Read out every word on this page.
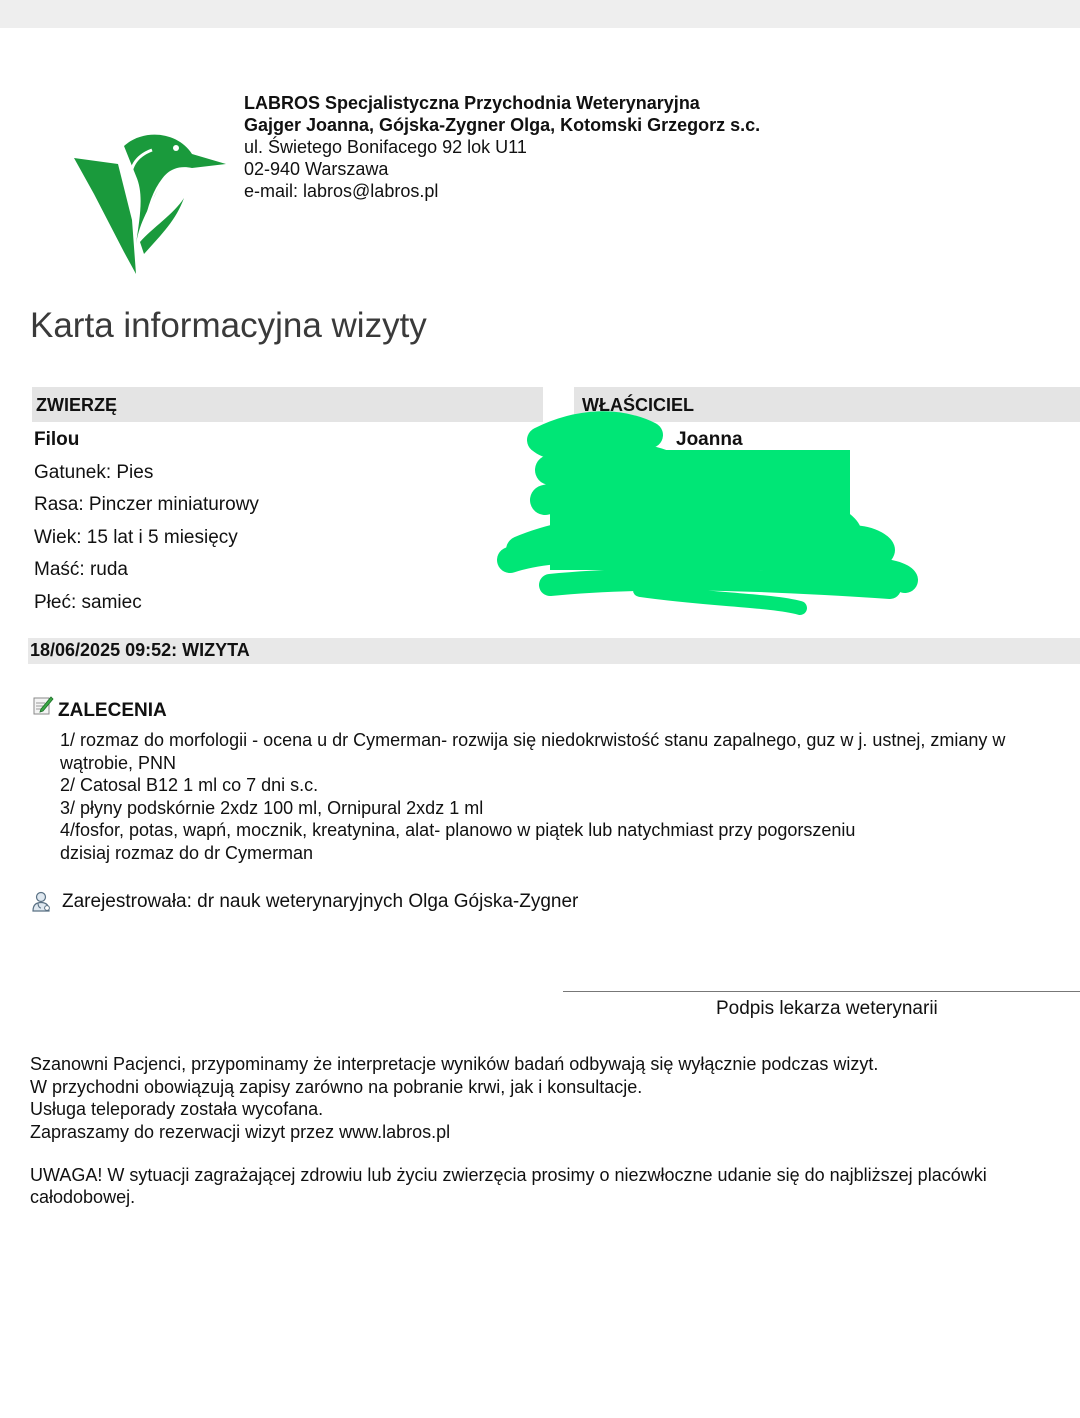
LABROS Specjalistyczna Przychodnia Weterynaryjna
Gajger Joanna, Gójska-Zygner Olga, Kotomski Grzegorz s.c.
ul. Świetego Bonifacego 92 lok U11
02-940 Warszawa
e-mail: labros@labros.pl
Karta informacyjna wizyty
ZWIERZĘ	WŁAŚCICIEL
Filou
Gatunek: Pies
Rasa: Pinczer miniaturowy
Wiek: 15 lat i 5 miesięcy
Maść: ruda
Płeć: samiec
Joanna
18/06/2025 09:52: WIZYTA
ZALECENIA
1/ rozmaz do morfologii - ocena u dr Cymerman- rozwija się niedokrwistość stanu zapalnego, guz w j. ustnej, zmiany w wątrobie, PNN
2/ Catosal B12 1 ml co 7 dni s.c.
3/ płyny podskórnie 2xdz 100 ml, Ornipural 2xdz 1 ml
4/fosfor, potas, wapń, mocznik, kreatynina, alat- planowo w piątek lub natychmiast przy pogorszeniu
dzisiaj rozmaz do dr Cymerman
Zarejestrowała: dr nauk weterynaryjnych Olga Gójska-Zygner
Podpis lekarza weterynarii

Szanowni Pacjenci, przypominamy że interpretacje wyników badań odbywają się wyłącznie podczas wizyt.

W przychodni obowiązują zapisy zarówno na pobranie krwi, jak i konsultacje.

Usługa teleporady została wycofana.

Zapraszamy do rezerwacji wizyt przez www.labros.pl

UWAGA! W sytuacji zagrażającej zdrowiu lub życiu zwierzęcia prosimy o niezwłoczne udanie się do najbliższej placówki całodobowej.
